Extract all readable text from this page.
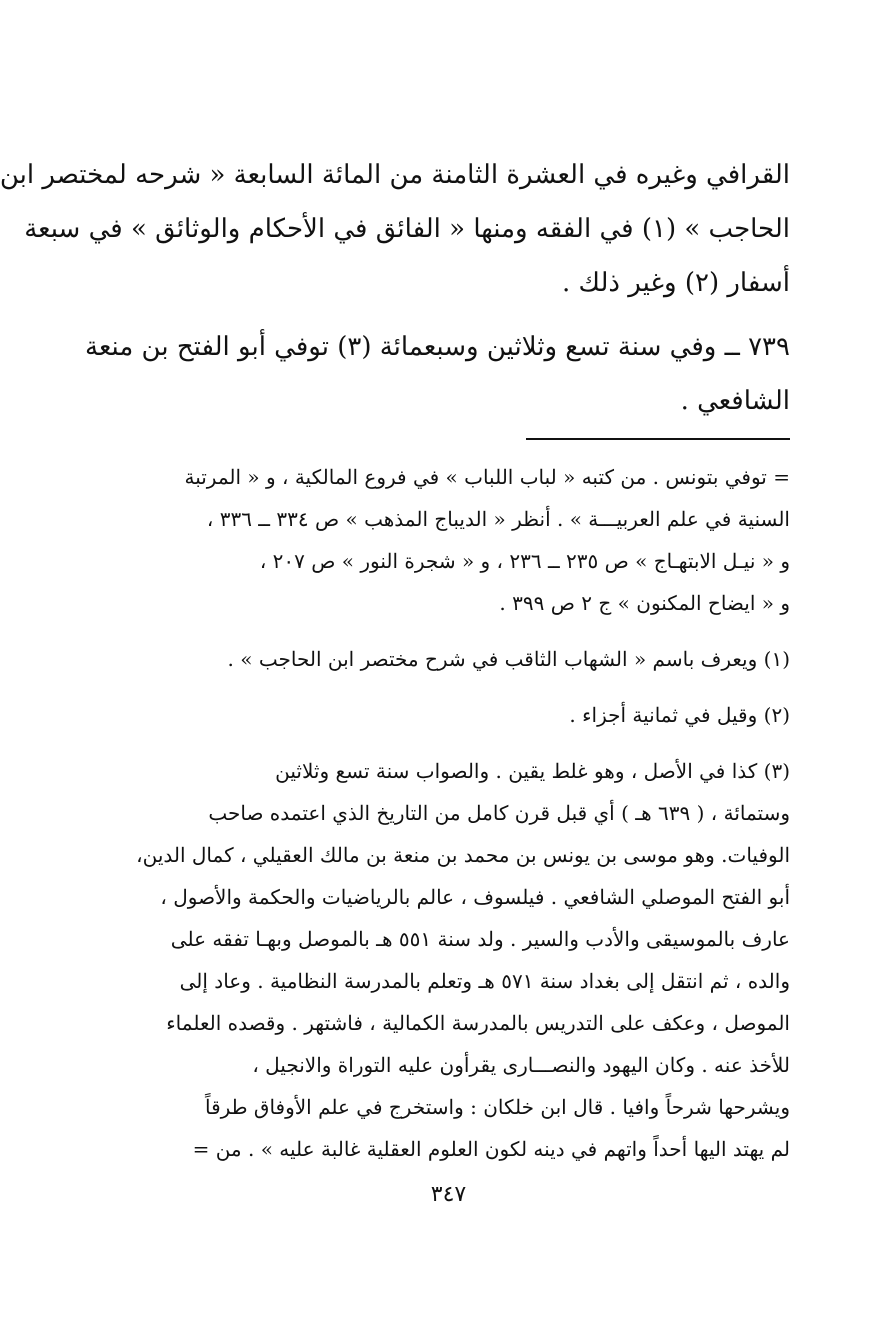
القرافي وغيره في العشرة الثامنة من المائة السابعة « شرحه لمختصر ابن
الحاجب » (١) في الفقه ومنها « الفائق في الأحكام والوثائق » في سبعة
أسفار (٢) وغير ذلك .
٧٣٩ ــ وفي سنة تسع وثلاثين وسبعمائة (٣) توفي أبو الفتح بن منعة
الشافعي .
= توفي بتونس . من كتبه « لباب اللباب » في فروع المالكية ، و « المرتبة
السنية في علم العربيـــة » . أنظر « الديباج المذهب » ص ٣٣٤ ــ ٣٣٦ ،
و « نيـل الابتهـاج » ص ٢٣٥ ــ ٢٣٦ ، و « شجرة النور » ص ٢٠٧ ،
و « ايضاح المكنون » ج ٢ ص ٣٩٩ .
(١) ويعرف باسم « الشهاب الثاقب في شرح مختصر ابن الحاجب » .
(٢) وقيل في ثمانية أجزاء .
(٣) كذا في الأصل ، وهو غلط يقين . والصواب سنة تسع وثلاثين
وستمائة ، ( ٦٣٩ هـ ) أي قبل قرن كامل من التاريخ الذي اعتمده صاحب
الوفيات. وهو موسى بن يونس بن محمد بن منعة بن مالك العقيلي ، كمال الدين،
أبو الفتح الموصلي الشافعي . فيلسوف ، عالم بالرياضيات والحكمة والأصول ،
عارف بالموسيقى والأدب والسير . ولد سنة ٥٥١ هـ بالموصل وبهـا تفقه على
والده ، ثم انتقل إلى بغداد سنة ٥٧١ هـ وتعلم بالمدرسة النظامية . وعاد إلى
الموصل ، وعكف على التدريس بالمدرسة الكمالية ، فاشتهر . وقصده العلماء
للأخذ عنه . وكان اليهود والنصـــارى يقرأون عليه التوراة والانجيل ،
ويشرحها شرحاً وافيا . قال ابن خلكان : واستخرج في علم الأوفاق طرقاً
لم يهتد اليها أحداً واتهم في دينه لكون العلوم العقلية غالبة عليه » . من =
٣٤٧
